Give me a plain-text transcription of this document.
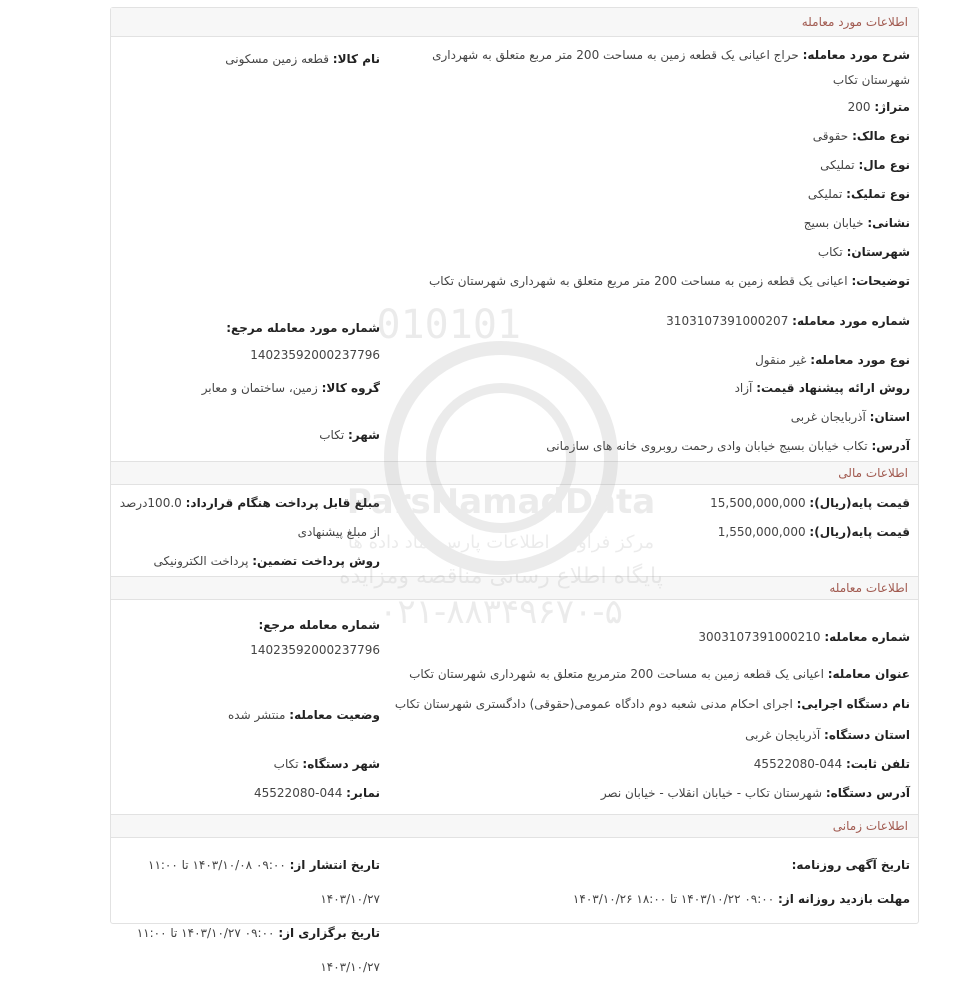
010101
ParsNamadData
مرکز فرآوری اطلاعات پارس نماد داده ها
۰۲۱-۸۸۳۴۹۶۷۰-۵
اطلاعات مورد معامله
شرح مورد معامله: حراج اعیانی یک قطعه زمین به مساحت 200 متر مربع متعلق به شهرداری شهرستان تکاب
متراژ: 200
نوع مالک: حقوقی
نوع مال: تملیکی
نوع تملیک: تملیکی
نشانی: خیابان بسیج
شهرستان: تکاب
توضیحات: اعیانی یک قطعه زمین به مساحت 200 متر مربع متعلق به شهرداری شهرستان تکاب
شماره مورد معامله: 3103107391000207
نوع مورد معامله: غیر منقول
روش ارائه پیشنهاد قیمت: آزاد
استان: آذربایجان غربی
آدرس: تکاب خیابان بسیج خیابان وادی رحمت روبروی خانه های سازمانی
نام کالا: قطعه زمین مسکونی
شماره مورد معامله مرجع:
14023592000237796
گروه کالا: زمین، ساختمان و معابر
شهر: تکاب
اطلاعات مالی
قیمت پایه(ریال): 15,500,000,000
قیمت پایه(ریال): 1,550,000,000
مبلغ قابل پرداخت هنگام قرارداد: 100.0درصد از مبلغ پیشنهادی
روش پرداخت تضمین: پرداخت الکترونیکی
اطلاعات معامله
شماره معامله: 3003107391000210
عنوان معامله: اعیانی یک قطعه زمین به مساحت 200 مترمربع متعلق به شهرداری شهرستان تکاب
نام دستگاه اجرایی: اجرای احکام مدنی شعبه دوم دادگاه عمومی(حقوقی) دادگستری شهرستان تکاب
استان دستگاه: آذربایجان غربی
تلفن ثابت: 044-45522080
آدرس دستگاه: شهرستان تکاب - خیابان انقلاب - خیابان نصر
شماره معامله مرجع:
14023592000237796
وضعیت معامله: منتشر شده
شهر دستگاه: تکاب
نمابر: 044-45522080
اطلاعات زمانی
تاریخ آگهی روزنامه:
مهلت بازدید روزانه از: ۰۹:۰۰ ۱۴۰۳/۱۰/۲۲ تا ۱۸:۰۰ ۱۴۰۳/۱۰/۲۶
تاریخ انتشار از: ۰۹:۰۰ ۱۴۰۳/۱۰/۰۸ تا ۱۱:۰۰ ۱۴۰۳/۱۰/۲۷
تاریخ برگزاری از: ۰۹:۰۰ ۱۴۰۳/۱۰/۲۷ تا ۱۱:۰۰ ۱۴۰۳/۱۰/۲۷
